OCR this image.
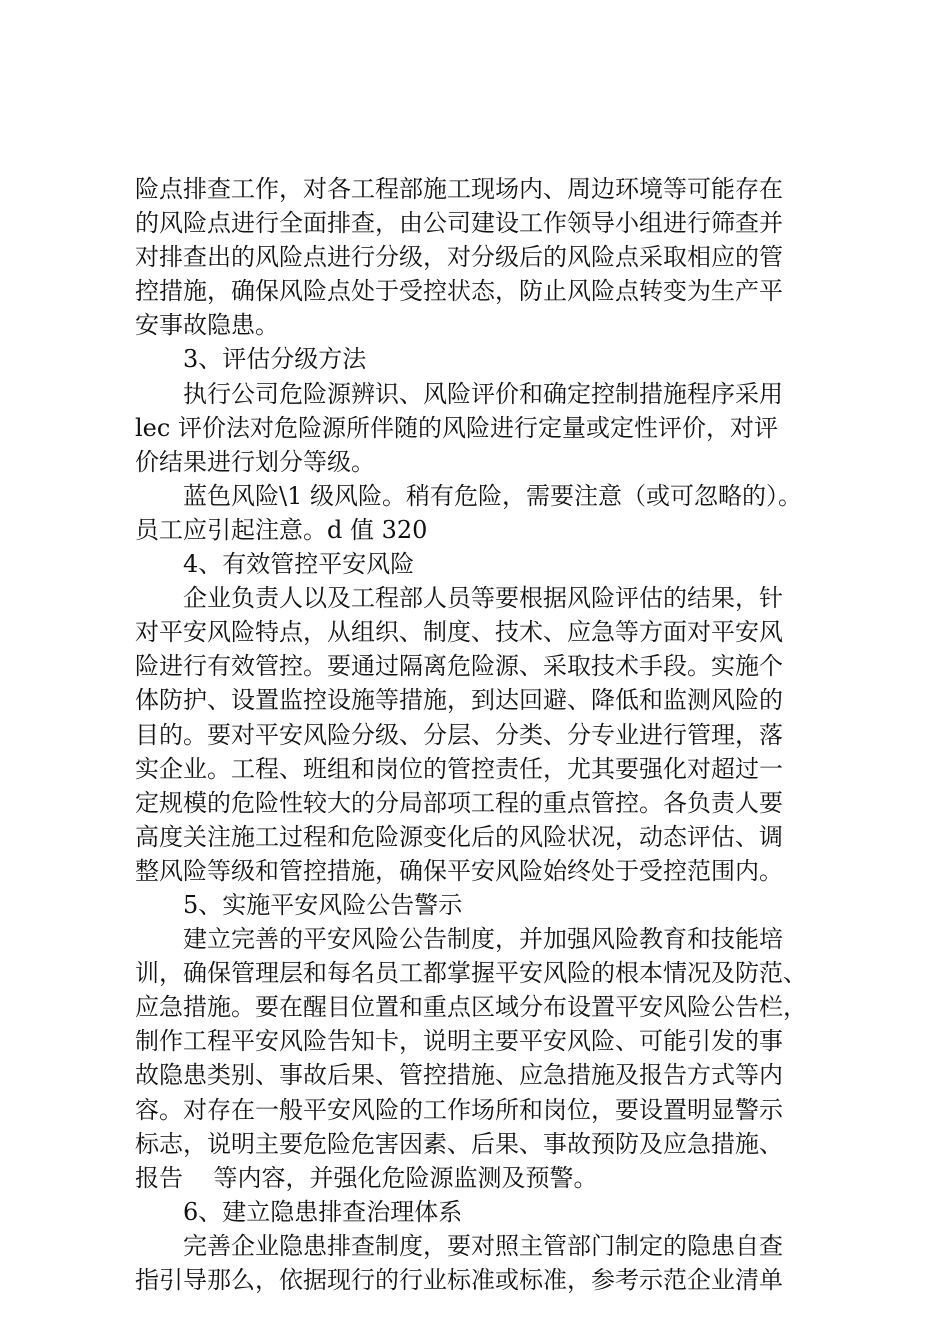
险点排查工作，对各工程部施工现场内、周边环境等可能存在
的风险点进行全面排查，由公司建设工作领导小组进行筛查并
对排查出的风险点进行分级，对分级后的风险点采取相应的管
控措施，确保风险点处于受控状态，防止风险点转变为生产平
安事故隐患。
3、评估分级方法
执行公司危险源辨识、风险评价和确定控制措施程序采用
lec 评价法对危险源所伴随的风险进行定量或定性评价，对评
价结果进行划分等级。
蓝色风险\1 级风险。稍有危险，需要注意（或可忽略的）。
员工应引起注意。d 值 320
4、有效管控平安风险
企业负责人以及工程部人员等要根据风险评估的结果，针
对平安风险特点，从组织、制度、技术、应急等方面对平安风
险进行有效管控。要通过隔离危险源、采取技术手段。实施个
体防护、设置监控设施等措施，到达回避、降低和监测风险的
目的。要对平安风险分级、分层、分类、分专业进行管理，落
实企业。工程、班组和岗位的管控责任，尤其要强化对超过一
定规模的危险性较大的分局部项工程的重点管控。各负责人要
高度关注施工过程和危险源变化后的风险状况，动态评估、调
整风险等级和管控措施，确保平安风险始终处于受控范围内。
5、实施平安风险公告警示
建立完善的平安风险公告制度，并加强风险教育和技能培
训，确保管理层和每名员工都掌握平安风险的根本情况及防范、
应急措施。要在醒目位置和重点区域分布设置平安风险公告栏，
制作工程平安风险告知卡，说明主要平安风险、可能引发的事
故隐患类别、事故后果、管控措施、应急措施及报告方式等内
容。对存在一般平安风险的工作场所和岗位，要设置明显警示
标志，说明主要危险危害因素、后果、事故预防及应急措施、
报告    等内容，并强化危险源监测及预警。
6、建立隐患排查治理体系
完善企业隐患排查制度，要对照主管部门制定的隐患自查
指引导那么，依据现行的行业标准或标准，参考示范企业清单
